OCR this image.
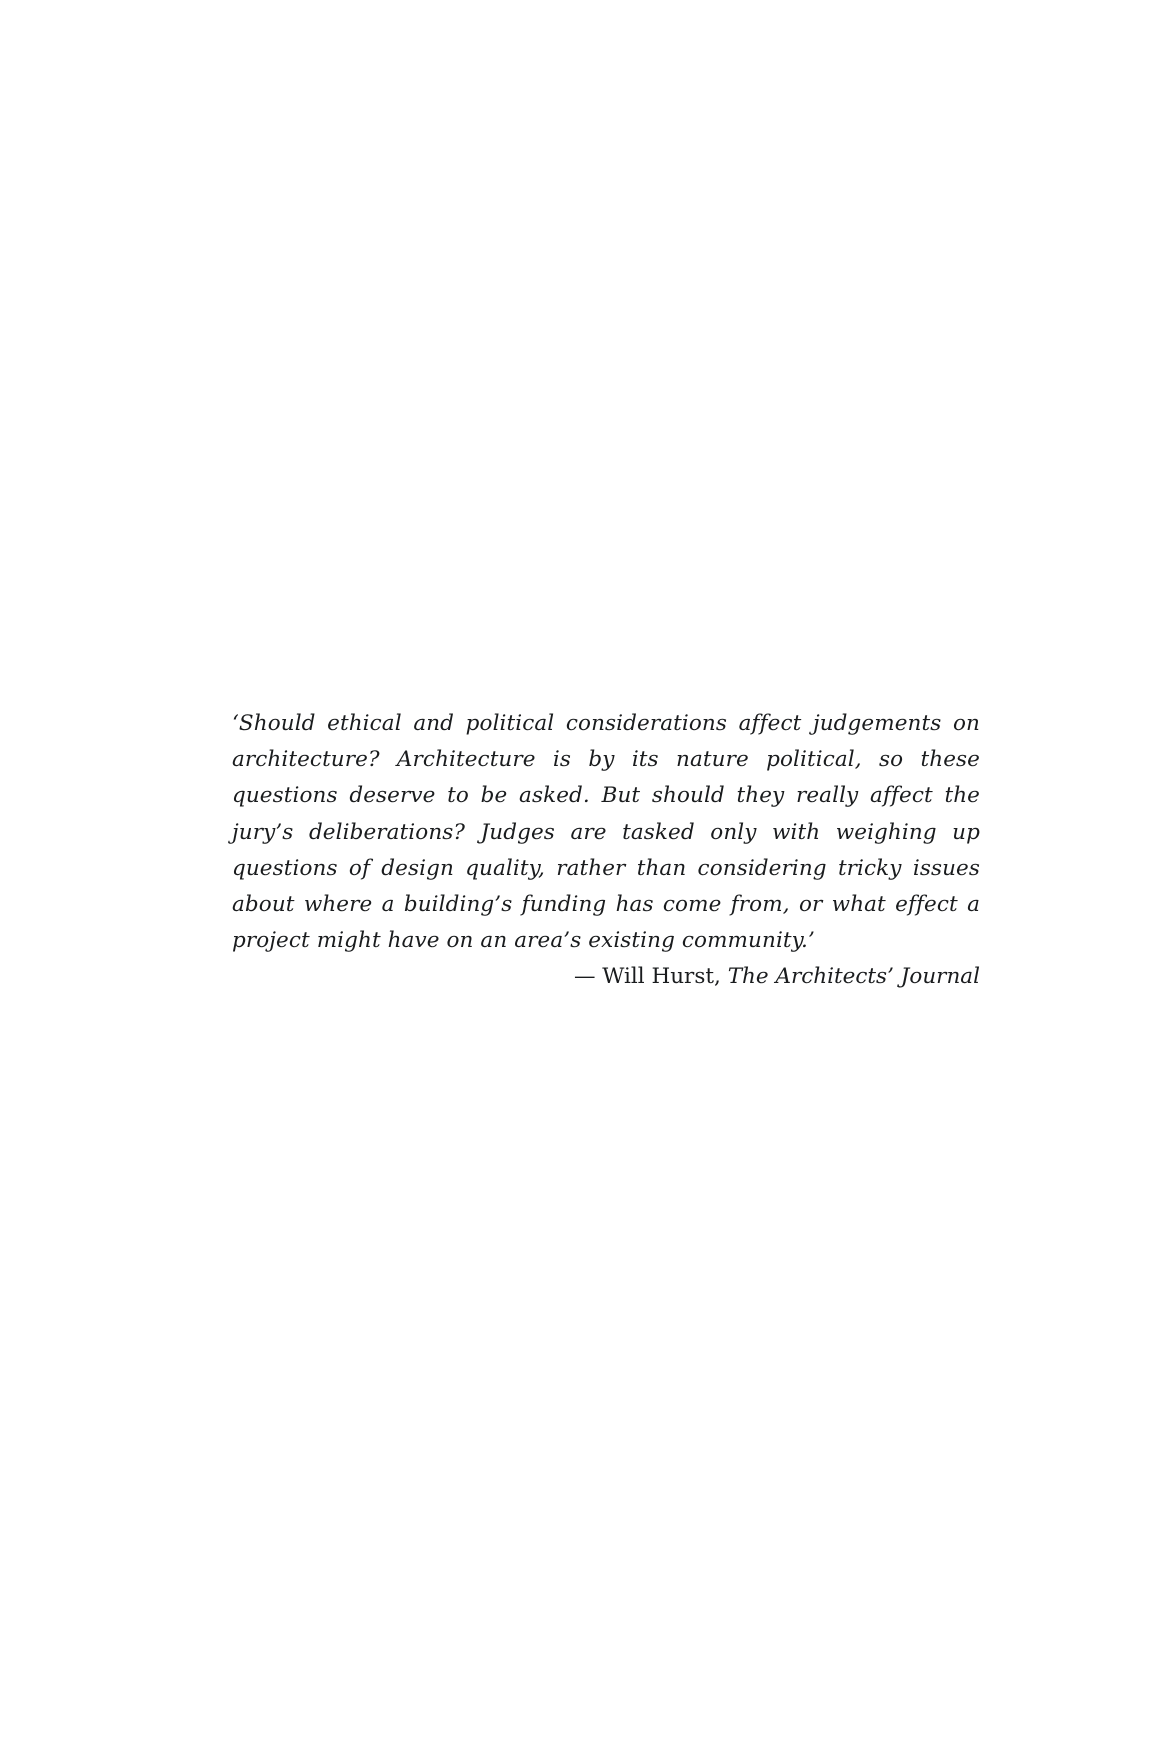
‘Should ethical and political considerations affect judgements on architecture? Architecture is by its nature political, so these questions deserve to be asked. But should they really affect the jury’s deliberations? Judges are tasked only with weighing up questions of design quality, rather than considering tricky issues about where a building’s funding has come from, or what effect a project might have on an area’s existing community.’

— Will Hurst, The Architects’ Journal
